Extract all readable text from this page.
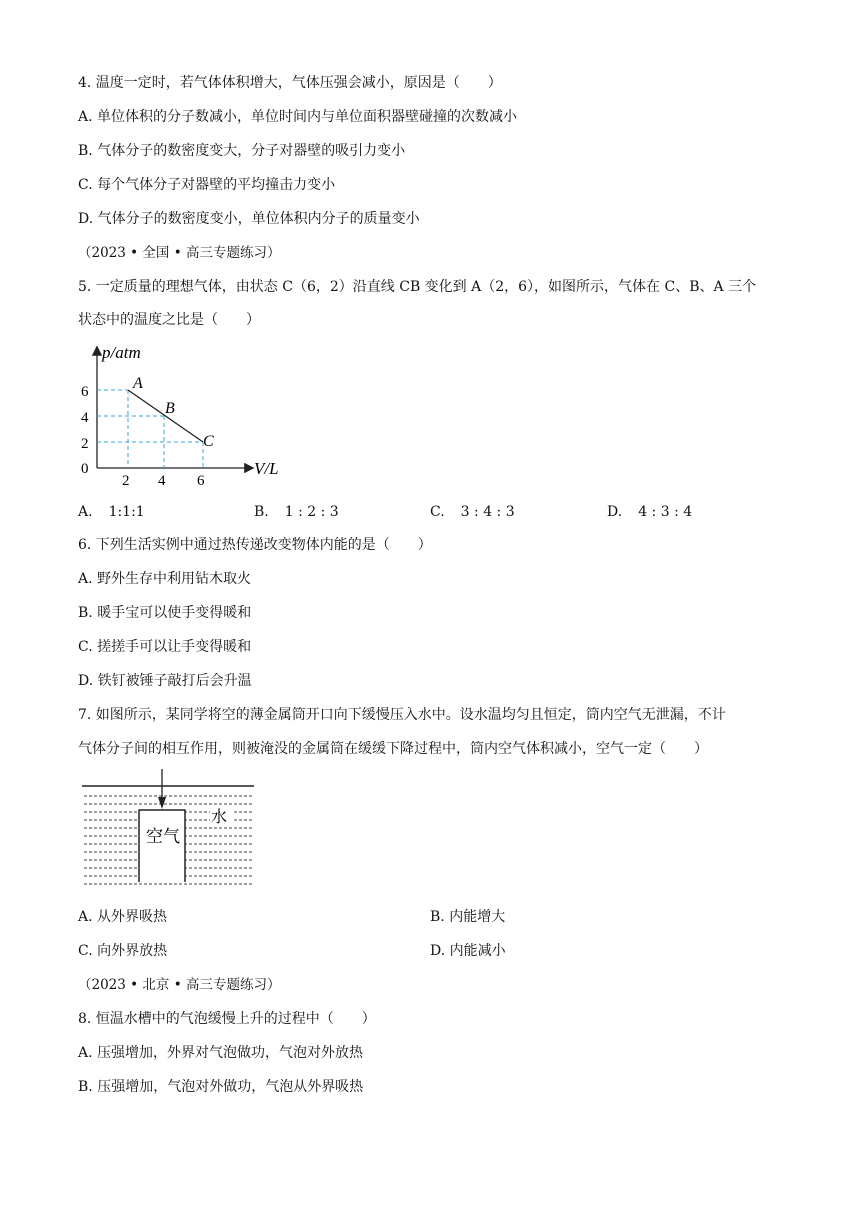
4. 温度一定时，若气体体积增大，气体压强会减小，原因是（　　）
A. 单位体积的分子数减小，单位时间内与单位面积器壁碰撞的次数减小
B. 气体分子的数密度变大，分子对器壁的吸引力变小
C. 每个气体分子对器壁的平均撞击力变小
D. 气体分子的数密度变小，单位体积内分子的质量变小
（2023 • 全国 • 高三专题练习）
5. 一定质量的理想气体，由状态 C（6，2）沿直线 CB 变化到 A（2，6），如图所示，气体在 C、B、A 三个
状态中的温度之比是（　　）
p/atm
V/L
0
6
4
2
2 4 6
A
B
C
A. 1:1:1	B. 1 : 2 : 3	C. 3 : 4 : 3	D. 4 : 3 : 4
6. 下列生活实例中通过热传递改变物体内能的是（　　）
A. 野外生存中利用钻木取火
B. 暖手宝可以使手变得暖和
C. 搓搓手可以让手变得暖和
D. 铁钉被锤子敲打后会升温
7. 如图所示，某同学将空的薄金属筒开口向下缓慢压入水中。设水温均匀且恒定，筒内空气无泄漏，不计
气体分子间的相互作用，则被淹没的金属筒在缓缓下降过程中，筒内空气体积减小，空气一定（　　）
空气
水
A. 从外界吸热	B. 内能增大
C. 向外界放热	D. 内能减小
（2023 • 北京 • 高三专题练习）
8. 恒温水槽中的气泡缓慢上升的过程中（　　）
A. 压强增加，外界对气泡做功，气泡对外放热
B. 压强增加，气泡对外做功，气泡从外界吸热
